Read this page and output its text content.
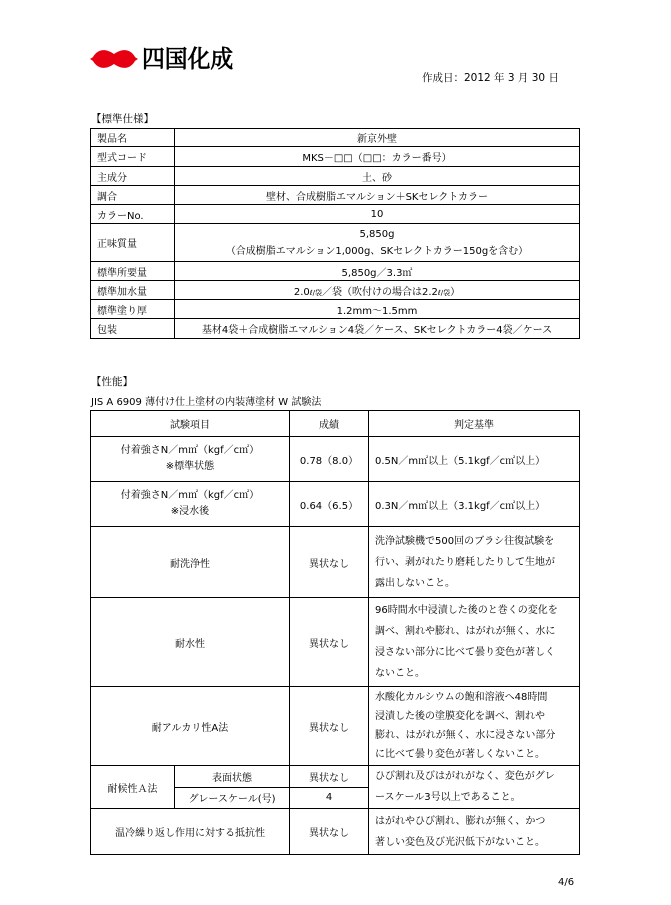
四国化成
作成日：2012 年 3 月 30 日
【標準仕様】
製品名	新京外壁
型式コード	MKS－□□（□□：カラー番号）
主成分	土、砂
調合	壁材、合成樹脂エマルション＋SKセレクトカラー
カラーNo.	10
正味質量	5,850g
（合成樹脂エマルション1,000g、SKセレクトカラー150gを含む）

標準所要量	5,850g／3.3㎡
標準加水量	2.0ℓ/袋／袋（吹付けの場合は2.2ℓ/袋）
標準塗り厚	1.2mm～1.5mm
包装	基材4袋＋合成樹脂エマルション4袋／ケース、SKセレクトカラー4袋／ケース
【性能】
JIS A 6909 薄付け仕上塗材の内装薄塗材 W 試験法
試験項目		成績	判定基準

付着強さN／m㎡（kgf／c㎡）
※標準状態		0.78（8.0）	0.5N／m㎡以上（5.1kgf／c㎡以上）

付着強さN／m㎡（kgf／c㎡）
※浸水後		0.64（6.5）	0.3N／m㎡以上（3.1kgf／c㎡以上）
耐洗浄性		異状なし	洗浄試験機で500回のブラシ往復試験を
行い、剥がれたり磨耗したりして生地が
露出しないこと。

耐水性		異状なし	96時間水中浸漬した後のと巻くの変化を
調べ、割れや膨れ、はがれが無く、水に
浸さない部分に比べて曇り変色が著しく
ないこと。

耐アルカリ性A法		異状なし	水酸化カルシウムの飽和溶液へ48時間
浸漬した後の塗膜変化を調べ、割れや
膨れ、はがれが無く、水に浸さない部分
に比べて曇り変色が著しくないこと。

耐候性Ａ法	表面状態	異状なし	ひび割れ及びはがれがなく、変色がグレ
ースケール3号以上であること。

	グレースケール(号)	4	
温冷繰り返し作用に対する抵抗性		異状なし	はがれやひび割れ、膨れが無く、かつ
著しい変色及び光沢低下がないこと。
4/6
